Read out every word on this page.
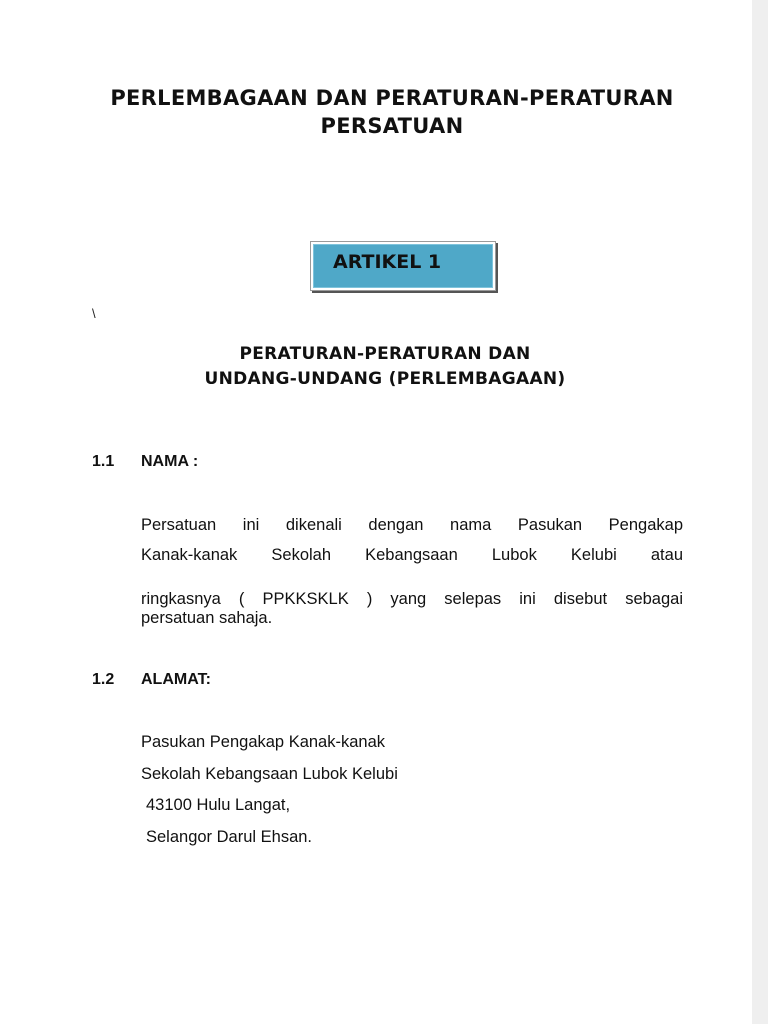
PERLEMBAGAAN DAN PERATURAN-PERATURAN
PERSATUAN
ARTIKEL 1
\
PERATURAN-PERATURAN DAN
UNDANG-UNDANG (PERLEMBAGAAN)
1.1 NAMA :
Persatuan ini dikenali dengan nama Pasukan Pengakap
Kanak-kanak Sekolah Kebangsaan Lubok Kelubi atau
ringkasnya ( PPKKSKLK ) yang selepas ini disebut sebagai
persatuan sahaja.
1.2 ALAMAT:
Pasukan Pengakap Kanak-kanak
Sekolah Kebangsaan Lubok Kelubi
43100 Hulu Langat,
Selangor Darul Ehsan.
